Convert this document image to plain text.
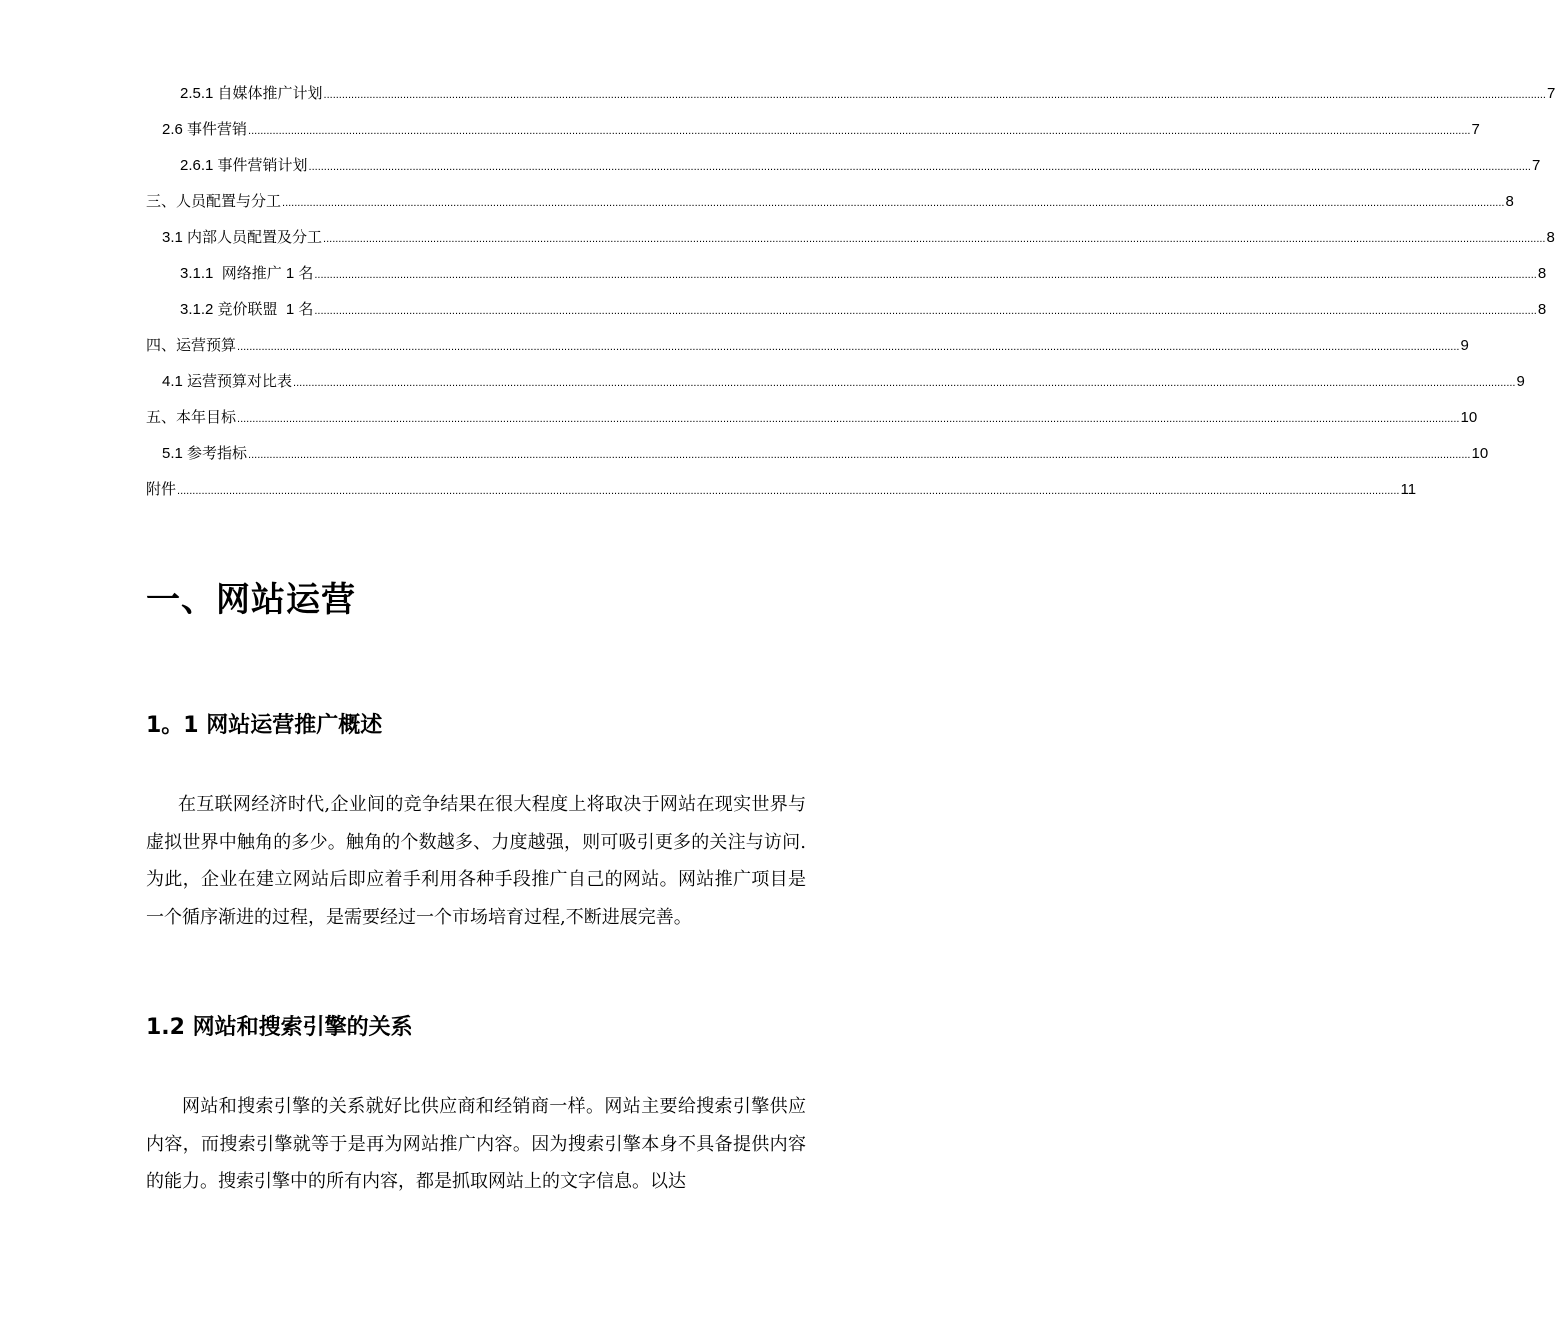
2.5.1 自媒体推广计划 ................................................................................................................................................................................................................................................................................................................................................................................................................ 7
2.6 事件营销 ................................................................................................................................................................................................................................................................................................................................................................................................................ 7
2.6.1 事件营销计划 ................................................................................................................................................................................................................................................................................................................................................................................................................ 7
三、人员配置与分工 ................................................................................................................................................................................................................................................................................................................................................................................................................ 8
3.1 内部人员配置及分工 ................................................................................................................................................................................................................................................................................................................................................................................................................ 8
3.1.1  网络推广 1 名 ................................................................................................................................................................................................................................................................................................................................................................................................................ 8
3.1.2 竞价联盟  1 名 ................................................................................................................................................................................................................................................................................................................................................................................................................ 8
四、运营预算 ................................................................................................................................................................................................................................................................................................................................................................................................................ 9
4.1 运营预算对比表 ................................................................................................................................................................................................................................................................................................................................................................................................................ 9
五、本年目标 ................................................................................................................................................................................................................................................................................................................................................................................................................ 10
5.1 参考指标 ................................................................................................................................................................................................................................................................................................................................................................................................................ 10
附件 ................................................................................................................................................................................................................................................................................................................................................................................................................ 11
一、网站运营
1。1 网站运营推广概述

在互联网经济时代,企业间的竞争结果在很大程度上将取决于网站在现实世界与虚拟世界中触角的多少。触角的个数越多、力度越强，则可吸引更多的关注与访问.为此，企业在建立网站后即应着手利用各种手段推广自己的网站。网站推广项目是一个循序渐进的过程，是需要经过一个市场培育过程,不断进展完善。

1.2 网站和搜索引擎的关系

网站和搜索引擎的关系就好比供应商和经销商一样。网站主要给搜索引擎供应内容，而搜索引擎就等于是再为网站推广内容。因为搜索引擎本身不具备提供内容的能力。搜索引擎中的所有内容，都是抓取网站上的文字信息。以达
